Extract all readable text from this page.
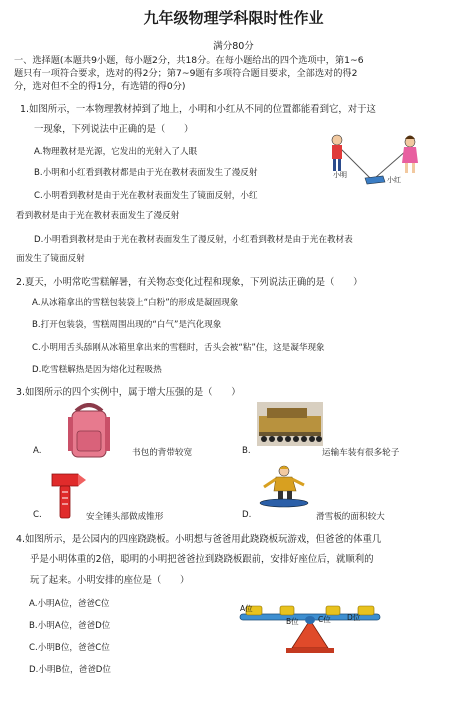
九年级物理学科限时性作业
满分80分
一、选择题(本题共9小题，每小题2分，共18分。在每小题给出的四个选项中，第1~6
题只有一项符合要求，选对的得2分；第7~9题有多项符合题目要求，全部选对的得2
分，选对但不全的得1分，有选错的得0分)
1.如图所示，一本物理教材掉到了地上，小明和小红从不同的位置都能看到它，对于这
一现象，下列说法中正确的是（　　）
A.物理教材是光源，它发出的光射入了人眼
B.小明和小红看到教材都是由于光在教材表面发生了漫反射
C.小明看到教材是由于光在教材表面发生了镜面反射，小红
看到教材是由于光在教材表面发生了漫反射
D.小明看到教材是由于光在教材表面发生了漫反射，小红看到教材是由于光在教材表
面发生了镜面反射
小明
小红
2.夏天，小明常吃雪糕解暑，有关物态变化过程和现象，下列说法正确的是（　　）
A.从冰箱拿出的雪糕包装袋上“白粉”的形成是凝固现象
B.打开包装袋，雪糕周围出现的“白气”是汽化现象
C.小明用舌头舔刚从冰箱里拿出来的雪糕时，舌头会被“粘”住，这是凝华现象
D.吃雪糕解热是因为熔化过程吸热
3.如图所示的四个实例中，属于增大压强的是（　　）
A.	书包的背带较宽	B.	运输车装有很多轮子
C.	安全锤头部做成锥形	D.	滑雪板的面积较大
4.如图所示，是公园内的四座跷跷板。小明想与爸爸用此跷跷板玩游戏，但爸爸的体重几
乎是小明体重的2倍，聪明的小明把爸爸拉到跷跷板跟前，安排好座位后，就顺利的
玩了起来。小明安排的座位是（　　）
A.小明A位，爸爸C位
B.小明A位，爸爸D位
C.小明B位，爸爸C位
D.小明B位，爸爸D位
A位
B位	C位 D位
